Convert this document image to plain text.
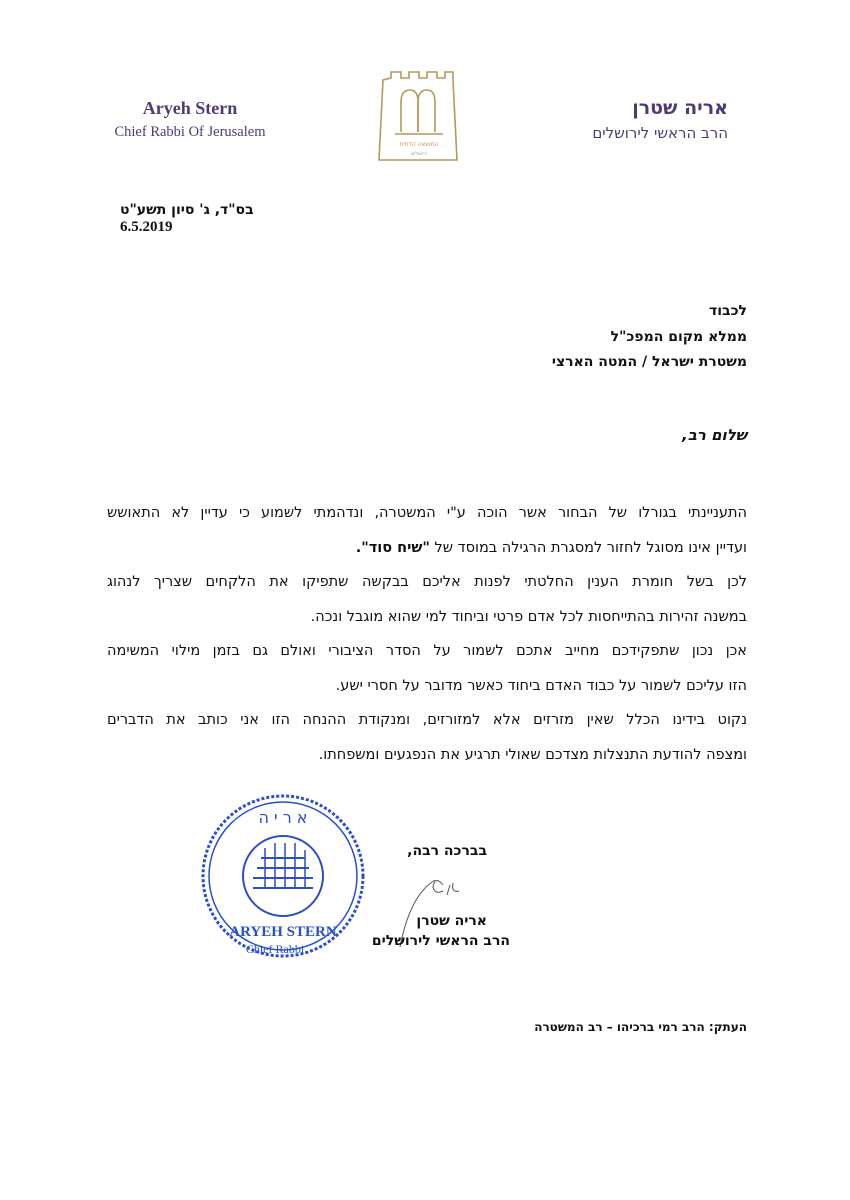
Aryeh Stern
Chief Rabbi Of Jerusalem
המועצה הדתית
ירושלים
אריה שטרן
הרב הראשי לירושלים
בס"ד, ג' סיון תשע"ט
6.5.2019
לכבוד
ממלא מקום המפכ"ל
משטרת ישראל / המטה הארצי
שלום רב,
התעניינתי בגורלו של הבחור אשר הוכה ע"י המשטרה, ונדהמתי לשמוע כי עדיין לא התאושש
ועדיין אינו מסוגל לחזור למסגרת הרגילה במוסד של "שיח סוד".
לכן בשל חומרת הענין החלטתי לפנות אליכם בבקשה שתפיקו את הלקחים שצריך לנהוג
במשנה זהירות בהתייחסות לכל אדם פרטי וביחוד למי שהוא מוגבל ונכה.
אכן נכון שתפקידכם מחייב אתכם לשמור על הסדר הציבורי ואולם גם בזמן מילוי המשימה
הזו עליכם לשמור על כבוד האדם ביחוד כאשר מדובר על חסרי ישע.
נקוט בידינו הכלל שאין מזרזים אלא למזורזים, ומנקודת ההנחה הזו אני כותב את הדברים
ומצפה להודעת התנצלות מצדכם שאולי תרגיע את הנפגעים ומשפחתו.
א ר י ה
ARYEH STERN
Chief Rabbi
בברכה רבה,
אריה שטרן
הרב הראשי לירושלים
העתק: הרב רמי ברכיהו – רב המשטרה
